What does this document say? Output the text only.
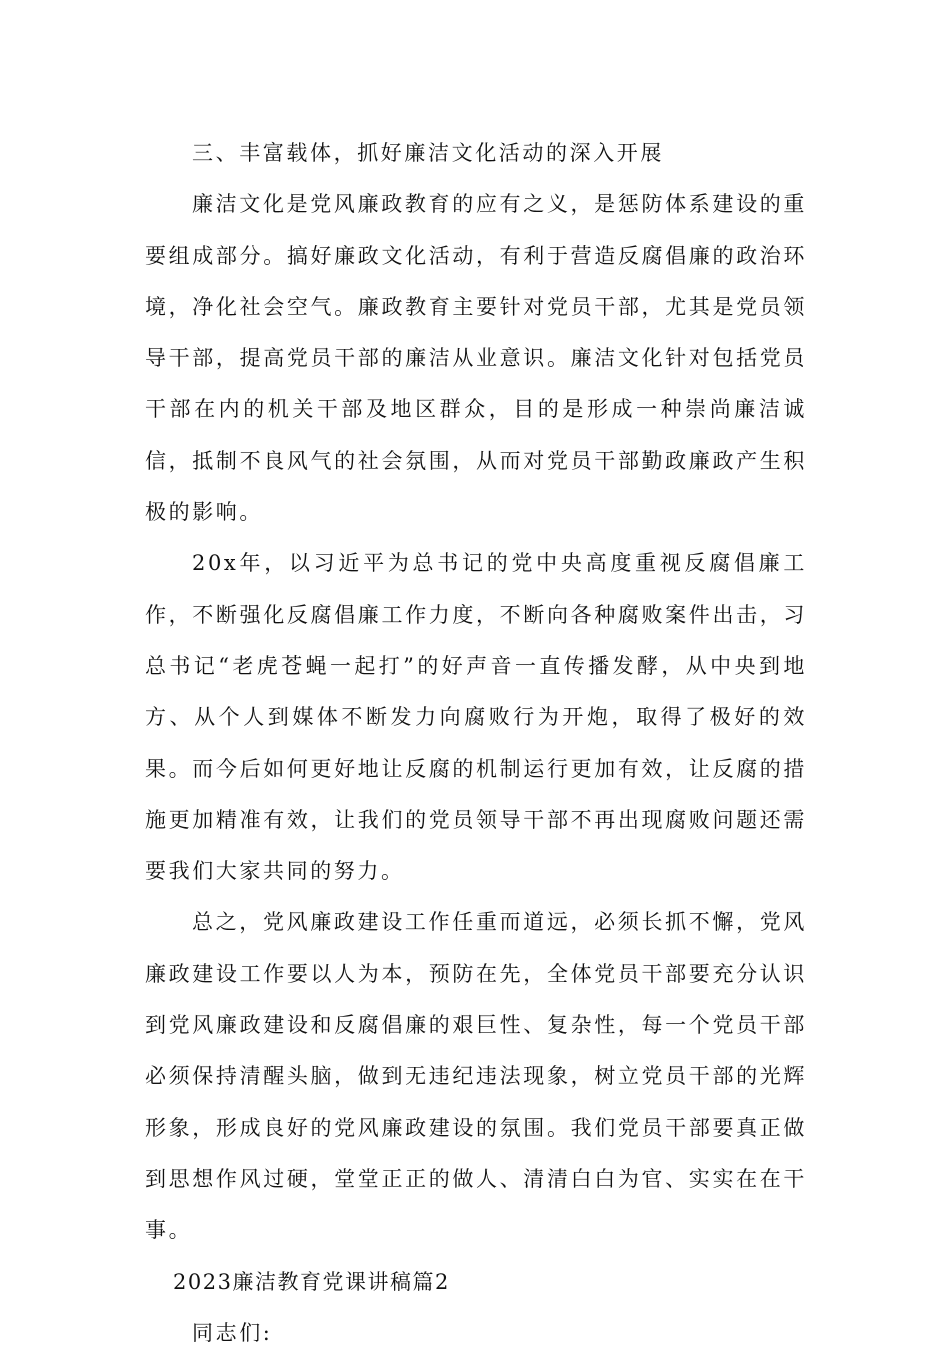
三、丰富载体，抓好廉洁文化活动的深入开展

廉洁文化是党风廉政教育的应有之义，是惩防体系建设的重要组成部分。搞好廉政文化活动，有利于营造反腐倡廉的政治环境，净化社会空气。廉政教育主要针对党员干部，尤其是党员领导干部，提高党员干部的廉洁从业意识。廉洁文化针对包括党员干部在内的机关干部及地区群众，目的是形成一种崇尚廉洁诚信，抵制不良风气的社会氛围，从而对党员干部勤政廉政产生积极的影响。

20x年，以习近平为总书记的党中央高度重视反腐倡廉工作，不断强化反腐倡廉工作力度，不断向各种腐败案件出击，习总书记“老虎苍蝇一起打”的好声音一直传播发酵，从中央到地方、从个人到媒体不断发力向腐败行为开炮，取得了极好的效果。而今后如何更好地让反腐的机制运行更加有效，让反腐的措施更加精准有效，让我们的党员领导干部不再出现腐败问题还需要我们大家共同的努力。

总之，党风廉政建设工作任重而道远，必须长抓不懈，党风廉政建设工作要以人为本，预防在先，全体党员干部要充分认识到党风廉政建设和反腐倡廉的艰巨性、复杂性，每一个党员干部必须保持清醒头脑，做到无违纪违法现象，树立党员干部的光辉形象，形成良好的党风廉政建设的氛围。我们党员干部要真正做到思想作风过硬，堂堂正正的做人、清清白白为官、实实在在干事。

2023廉洁教育党课讲稿篇2

同志们:
